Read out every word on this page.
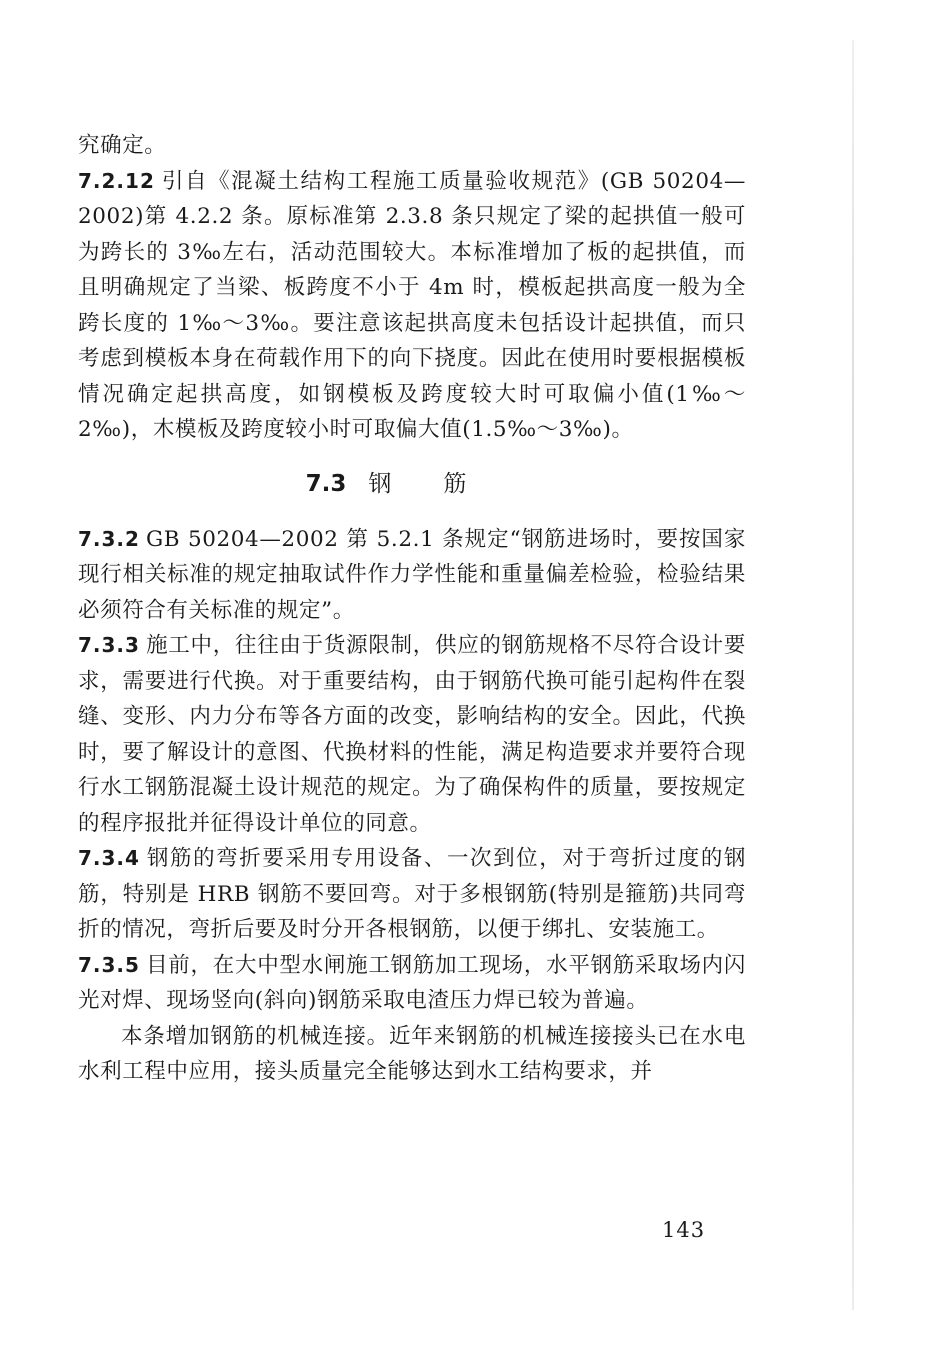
究确定。

7.2.12 引自《混凝土结构工程施工质量验收规范》(GB 50204—2002)第 4.2.2 条。原标准第 2.3.8 条只规定了梁的起拱值一般可为跨长的 3‰左右，活动范围较大。本标准增加了板的起拱值，而且明确规定了当梁、板跨度不小于 4m 时，模板起拱高度一般为全跨长度的 1‰～3‰。要注意该起拱高度未包括设计起拱值，而只考虑到模板本身在荷载作用下的向下挠度。因此在使用时要根据模板情况确定起拱高度，如钢模板及跨度较大时可取偏小值(1‰～2‰)，木模板及跨度较小时可取偏大值(1.5‰～3‰)。

7.3 钢筋

7.3.2 GB 50204—2002 第 5.2.1 条规定“钢筋进场时，要按国家现行相关标准的规定抽取试件作力学性能和重量偏差检验，检验结果必须符合有关标准的规定”。

7.3.3 施工中，往往由于货源限制，供应的钢筋规格不尽符合设计要求，需要进行代换。对于重要结构，由于钢筋代换可能引起构件在裂缝、变形、内力分布等各方面的改变，影响结构的安全。因此，代换时，要了解设计的意图、代换材料的性能，满足构造要求并要符合现行水工钢筋混凝土设计规范的规定。为了确保构件的质量，要按规定的程序报批并征得设计单位的同意。

7.3.4 钢筋的弯折要采用专用设备、一次到位，对于弯折过度的钢筋，特别是 HRB 钢筋不要回弯。对于多根钢筋(特别是箍筋)共同弯折的情况，弯折后要及时分开各根钢筋，以便于绑扎、安装施工。

7.3.5 目前，在大中型水闸施工钢筋加工现场，水平钢筋采取场内闪光对焊、现场竖向(斜向)钢筋采取电渣压力焊已较为普遍。

本条增加钢筋的机械连接。近年来钢筋的机械连接接头已在水电水利工程中应用，接头质量完全能够达到水工结构要求，并

143
